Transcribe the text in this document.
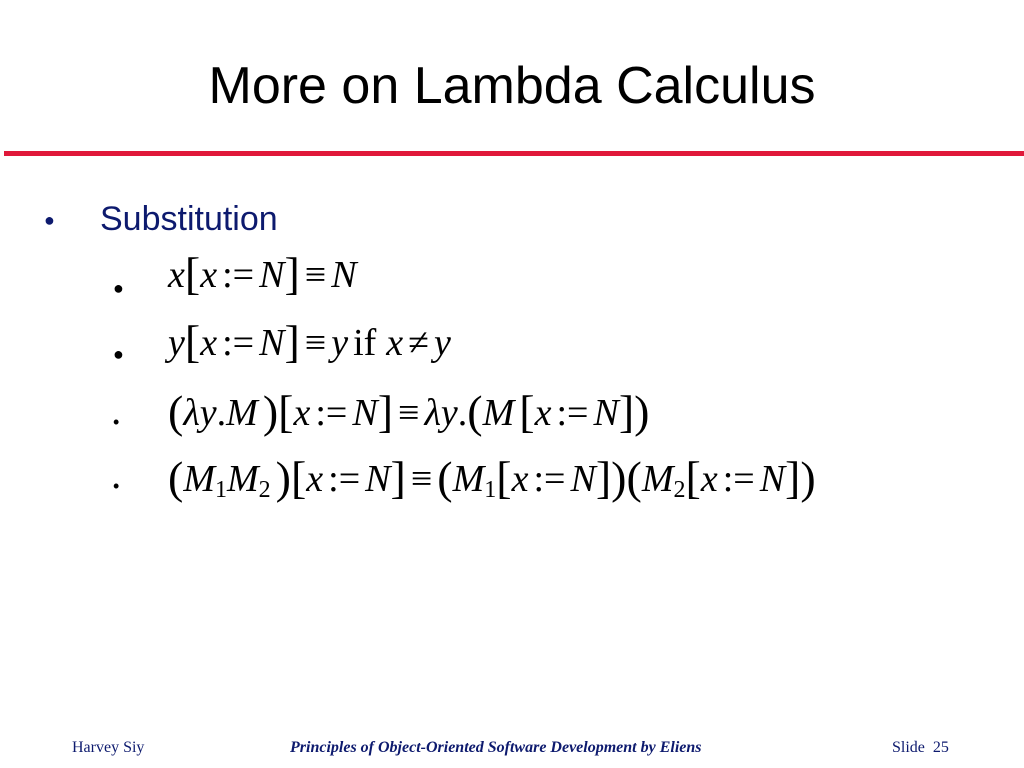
More on Lambda Calculus
● Substitution
● x[x := N] ≡ N
● y[x := N] ≡ y if x ≠ y
• (λy.M )[x := N] ≡ λy.(M [x := N])
• ($M_1M_2$ )[x := $N] \equiv (M_1[x$ := $N])(M_2[x$ := N])
Harvey Siy	Principles of Object-Oriented Software Development by Eliens	Slide 25
